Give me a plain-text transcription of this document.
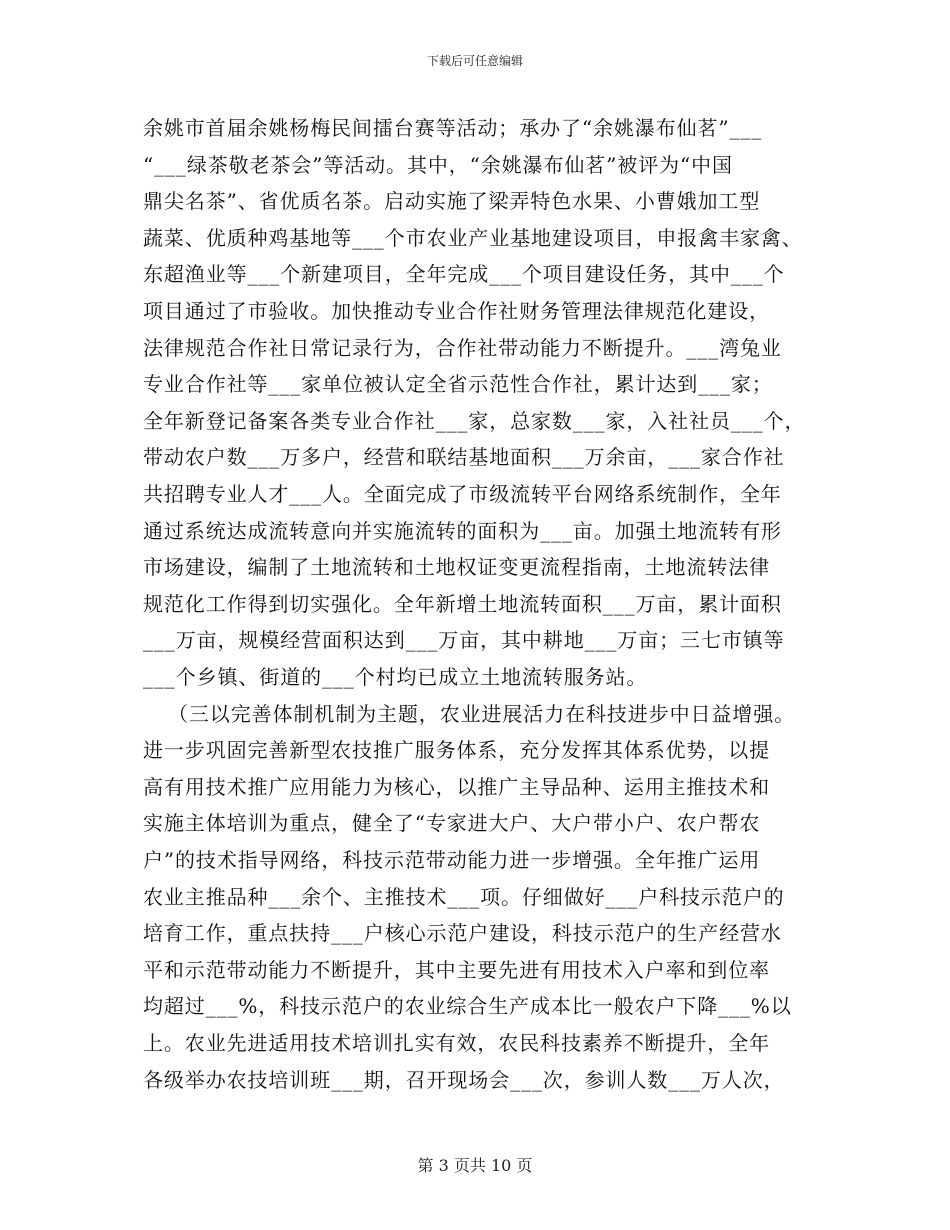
下载后可任意编辑
余姚市首届余姚杨梅民间擂台赛等活动；承办了“余姚瀑布仙茗”___
“___绿茶敬老茶会”等活动。其中，“余姚瀑布仙茗”被评为“中国
鼎尖名茶”、省优质名茶。启动实施了梁弄特色水果、小曹娥加工型
蔬菜、优质种鸡基地等___个市农业产业基地建设项目，申报禽丰家禽、
东超渔业等___个新建项目，全年完成___个项目建设任务，其中___个
项目通过了市验收。加快推动专业合作社财务管理法律规范化建设，
法律规范合作社日常记录行为，合作社带动能力不断提升。___湾兔业
专业合作社等___家单位被认定全省示范性合作社，累计达到___家；
全年新登记备案各类专业合作社___家，总家数___家，入社社员___个，
带动农户数___万多户，经营和联结基地面积___万余亩，___家合作社
共招聘专业人才___人。全面完成了市级流转平台网络系统制作，全年
通过系统达成流转意向并实施流转的面积为___亩。加强土地流转有形
市场建设，编制了土地流转和土地权证变更流程指南，土地流转法律
规范化工作得到切实强化。全年新增土地流转面积___万亩，累计面积
___万亩，规模经营面积达到___万亩，其中耕地___万亩；三七市镇等
___个乡镇、街道的___个村均已成立土地流转服务站。
（三以完善体制机制为主题，农业进展活力在科技进步中日益增强。
进一步巩固完善新型农技推广服务体系，充分发挥其体系优势，以提
高有用技术推广应用能力为核心，以推广主导品种、运用主推技术和
实施主体培训为重点，健全了“专家进大户、大户带小户、农户帮农
户”的技术指导网络，科技示范带动能力进一步增强。全年推广运用
农业主推品种___余个、主推技术___项。仔细做好___户科技示范户的
培育工作，重点扶持___户核心示范户建设，科技示范户的生产经营水
平和示范带动能力不断提升，其中主要先进有用技术入户率和到位率
均超过___%，科技示范户的农业综合生产成本比一般农户下降___%以
上。农业先进适用技术培训扎实有效，农民科技素养不断提升，全年
各级举办农技培训班___期，召开现场会___次，参训人数___万人次，
第 3 页共 10 页
